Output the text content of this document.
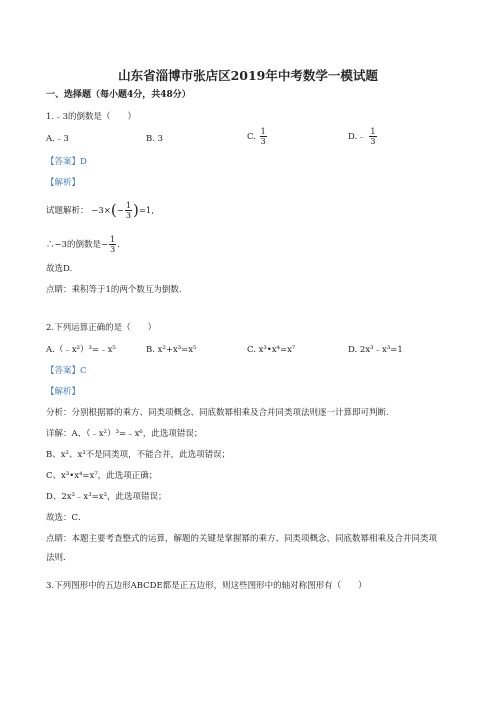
山东省淄博市张店区2019年中考数学一模试题
一、选择题（每小题4分，共48分）
1.﹣3的倒数是（　　）
A.﹣3	B. 3	C. $\frac{1}{3}$	D.﹣ $\frac{1}{3}$
【答案】D
【解析】
试题解析： $-3\times(- \frac{1}{3} )=1$,
∴−3的倒数是− $\frac{1}{3}$ .
故选D.
点睛：乘积等于1的两个数互为倒数.
2.下列运算正确的是（　　）
A.（﹣x²）³=﹣x⁵	B. x²+x³=x⁵	C. x³•x⁴=x⁷	D. 2x³﹣x³=1
【答案】C
【解析】
分析：分别根据幂的乘方、同类项概念、同底数幂相乘及合并同类项法则逐一计算即可判断.
详解：A、（﹣x²）³=﹣x⁶，此选项错误；
B、x²、x³不是同类项，不能合并，此选项错误；
C、x³•x⁴=x⁷，此选项正确；
D、2x³﹣x³=x³，此选项错误；
故选：C．
点睛：本题主要考查整式的运算，解题的关键是掌握幂的乘方、同类项概念、同底数幂相乘及合并同类项
法则．
3.下列图形中的五边形ABCDE都是正五边形，则这些图形中的轴对称图形有（　　）
